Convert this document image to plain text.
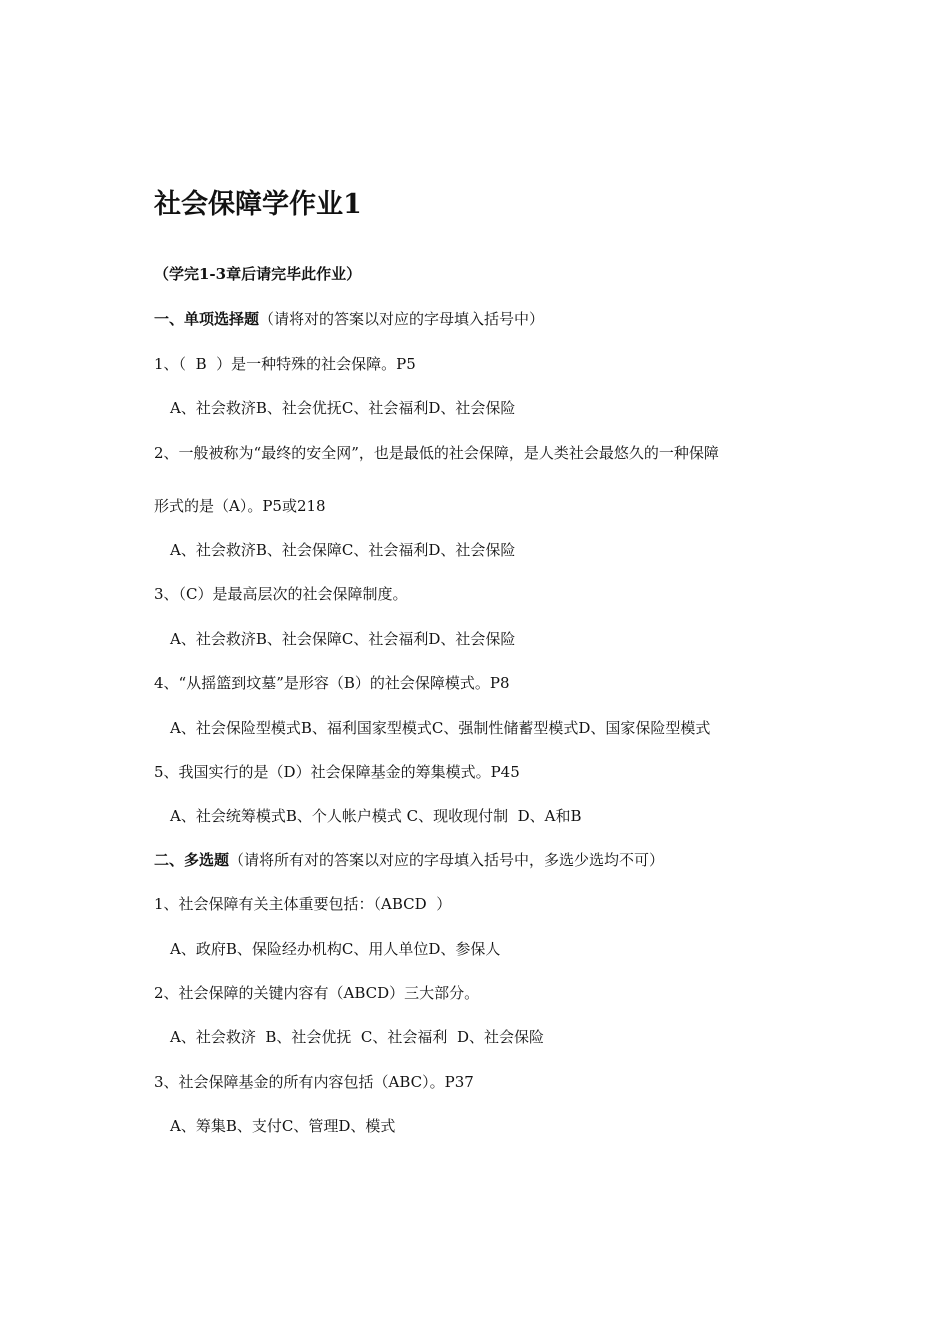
社会保障学作业1
（学完1-3章后请完毕此作业）
一、单项选择题（请将对的答案以对应的字母填入括号中）
1、（  B  ）是一种特殊的社会保障。P5
A、社会救济B、社会优抚C、社会福利D、社会保险
2、一般被称为“最终的安全网”，也是最低的社会保障，是人类社会最悠久的一种保障
形式的是（A）。P5或218
A、社会救济B、社会保障C、社会福利D、社会保险
3、（C）是最高层次的社会保障制度。
A、社会救济B、社会保障C、社会福利D、社会保险
4、“从摇篮到坟墓”是形容（B）的社会保障模式。P8
A、社会保险型模式B、福利国家型模式C、强制性储蓄型模式D、国家保险型模式
5、我国实行的是（D）社会保障基金的筹集模式。P45
A、社会统筹模式B、个人帐户模式 C、现收现付制  D、A和B
二、多选题（请将所有对的答案以对应的字母填入括号中，多选少选均不可）
1、社会保障有关主体重要包括：（ABCD  ）
A、政府B、保险经办机构C、用人单位D、参保人
2、社会保障的关键内容有（ABCD）三大部分。
A、社会救济  B、社会优抚  C、社会福利  D、社会保险
3、社会保障基金的所有内容包括（ABC）。P37
A、筹集B、支付C、管理D、模式
